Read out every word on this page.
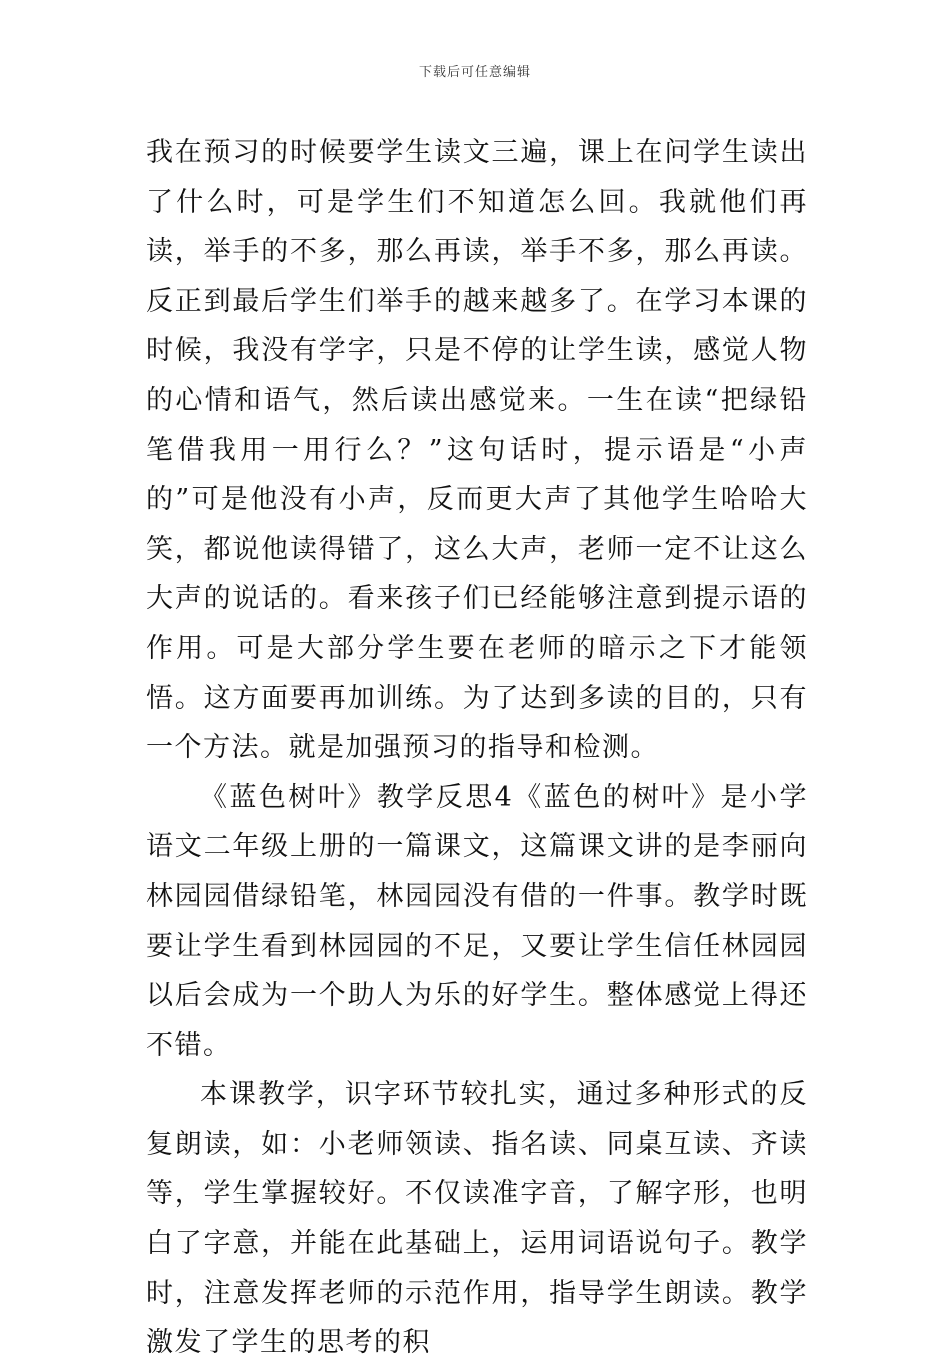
下载后可任意编辑

我在预习的时候要学生读文三遍，课上在问学生读出了什么时，可是学生们不知道怎么回。我就他们再读，举手的不多，那么再读，举手不多，那么再读。反正到最后学生们举手的越来越多了。在学习本课的时候，我没有学字，只是不停的让学生读，感觉人物的心情和语气，然后读出感觉来。一生在读“把绿铅笔借我用一用行么？”这句话时，提示语是“小声的”可是他没有小声，反而更大声了其他学生哈哈大笑，都说他读得错了，这么大声，老师一定不让这么大声的说话的。看来孩子们已经能够注意到提示语的作用。可是大部分学生要在老师的暗示之下才能领悟。这方面要再加训练。为了达到多读的目的，只有一个方法。就是加强预习的指导和检测。

《蓝色树叶》教学反思4《蓝色的树叶》是小学语文二年级上册的一篇课文，这篇课文讲的是李丽向林园园借绿铅笔，林园园没有借的一件事。教学时既要让学生看到林园园的不足，又要让学生信任林园园以后会成为一个助人为乐的好学生。整体感觉上得还不错。

本课教学，识字环节较扎实，通过多种形式的反复朗读，如：小老师领读、指名读、同桌互读、齐读等，学生掌握较好。不仅读准字音，了解字形，也明白了字意，并能在此基础上，运用词语说句子。教学时，注意发挥老师的示范作用，指导学生朗读。教学激发了学生的思考的积
